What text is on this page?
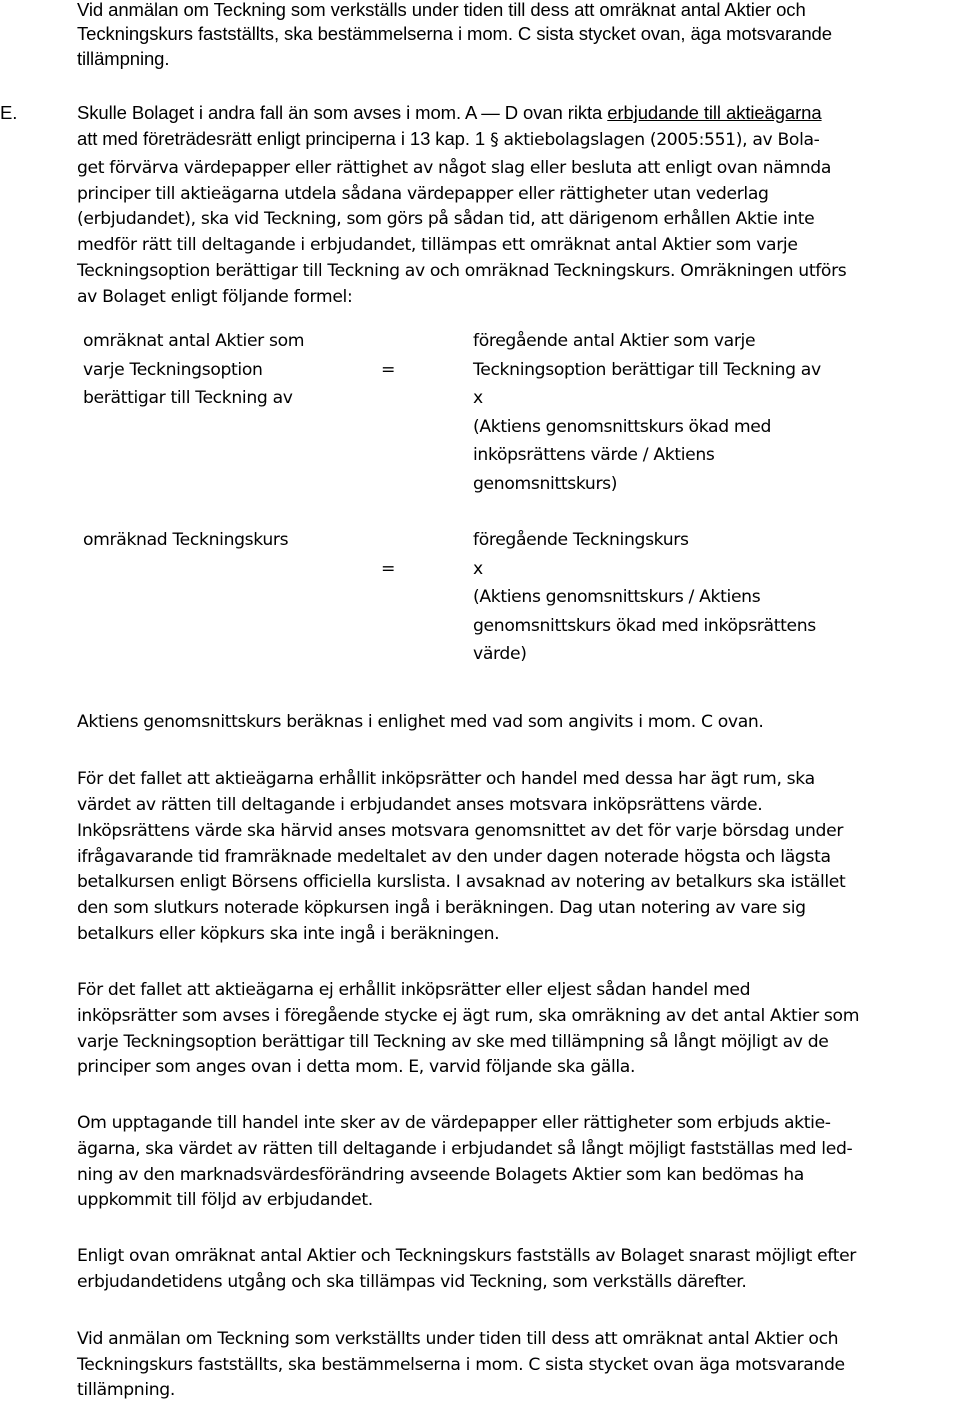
Vid anmälan om Teckning som verkställs under tiden till dess att omräknat antal Aktier och
Teckningskurs fastställts, ska bestämmelserna i mom. C sista stycket ovan, äga motsvarande
tillämpning.
E.	Skulle Bolaget i andra fall än som avses i mom. A — D ovan rikta erbjudande till aktieägarna
att med företrädesrätt enligt principerna i 13 kap. 1 § aktiebolagslagen (2005:551), av Bola-
get förvärva värdepapper eller rättighet av något slag eller besluta att enligt ovan nämnda
principer till aktieägarna utdela sådana värdepapper eller rättigheter utan vederlag
(erbjudandet), ska vid Teckning, som görs på sådan tid, att därigenom erhållen Aktie inte
medför rätt till deltagande i erbjudandet, tillämpas ett omräknat antal Aktier som varje
Teckningsoption berättigar till Teckning av och omräknad Teckningskurs. Omräkningen utförs
av Bolaget enligt följande formel:
omräknat antal Aktier som
varje Teckningsoption
berättigar till Teckning av
=
föregående antal Aktier som varje
Teckningsoption berättigar till Teckning av
x
(Aktiens genomsnittskurs ökad med
inköpsrättens värde / Aktiens
genomsnittskurs)
omräknad Teckningskurs
=
föregående Teckningskurs
x
(Aktiens genomsnittskurs / Aktiens
genomsnittskurs ökad med inköpsrättens
värde)
Aktiens genomsnittskurs beräknas i enlighet med vad som angivits i mom. C ovan.
För det fallet att aktieägarna erhållit inköpsrätter och handel med dessa har ägt rum, ska
värdet av rätten till deltagande i erbjudandet anses motsvara inköpsrättens värde.
Inköpsrättens värde ska härvid anses motsvara genomsnittet av det för varje börsdag under
ifrågavarande tid framräknade medeltalet av den under dagen noterade högsta och lägsta
betalkursen enligt Börsens officiella kurslista. I avsaknad av notering av betalkurs ska istället
den som slutkurs noterade köpkursen ingå i beräkningen. Dag utan notering av vare sig
betalkurs eller köpkurs ska inte ingå i beräkningen.
För det fallet att aktieägarna ej erhållit inköpsrätter eller eljest sådan handel med
inköpsrätter som avses i föregående stycke ej ägt rum, ska omräkning av det antal Aktier som
varje Teckningsoption berättigar till Teckning av ske med tillämpning så långt möjligt av de
principer som anges ovan i detta mom. E, varvid följande ska gälla.
Om upptagande till handel inte sker av de värdepapper eller rättigheter som erbjuds aktie-
ägarna, ska värdet av rätten till deltagande i erbjudandet så långt möjligt fastställas med led-
ning av den marknadsvärdesförändring avseende Bolagets Aktier som kan bedömas ha
uppkommit till följd av erbjudandet.
Enligt ovan omräknat antal Aktier och Teckningskurs fastställs av Bolaget snarast möjligt efter
erbjudandetidens utgång och ska tillämpas vid Teckning, som verkställs därefter.
Vid anmälan om Teckning som verkställts under tiden till dess att omräknat antal Aktier och
Teckningskurs fastställts, ska bestämmelserna i mom. C sista stycket ovan äga motsvarande
tillämpning.
